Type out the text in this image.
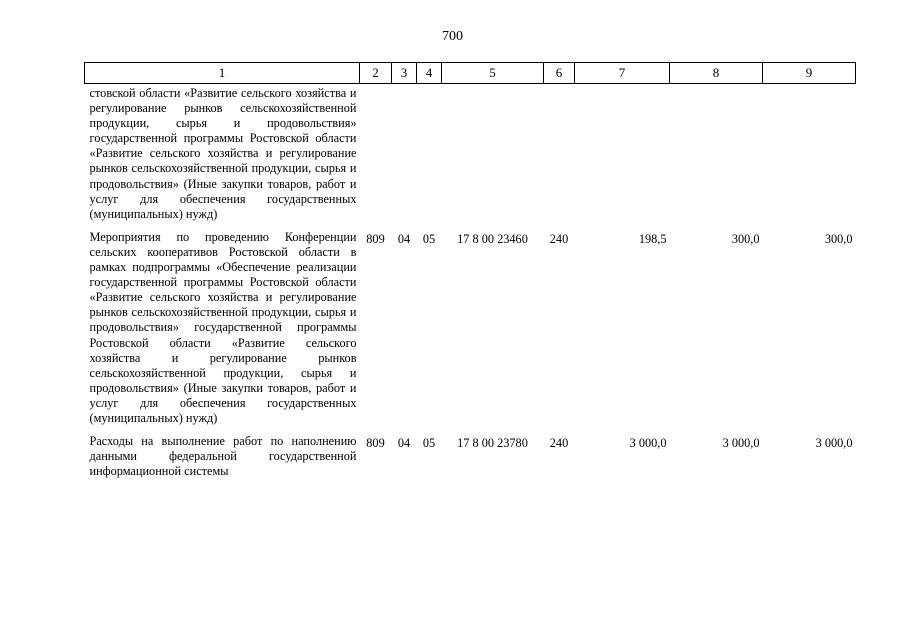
700
1	2	3	4	5	6	7	8	9
стовской области «Развитие сельского хозяйства и регулирование рынков сельскохозяйственной продукции, сырья и продовольствия» государственной программы Ростовской области «Развитие сельского хозяйства и регулирование рынков сельскохозяйственной продукции, сырья и продовольствия» (Иные закупки товаров, работ и услуг для обеспечения государственных (муниципальных) нужд)								
Мероприятия по проведению Конференции сельских кооперативов Ростовской области в рамках подпрограммы «Обеспечение реализации государственной программы Ростовской области «Развитие сельского хозяйства и регулирование рынков сельскохозяйственной продукции, сырья и продовольствия» государственной программы Ростовской области «Развитие сельского хозяйства и регулирование рынков сельскохозяйственной продукции, сырья и продовольствия» (Иные закупки товаров, работ и услуг для обеспечения государственных (муниципальных) нужд)	809	04	05	17 8 00 23460	240	198,5	300,0	300,0
Расходы на выполнение работ по наполнению данными федеральной государственной информационной системы	809	04	05	17 8 00 23780	240	3 000,0	3 000,0	3 000,0
